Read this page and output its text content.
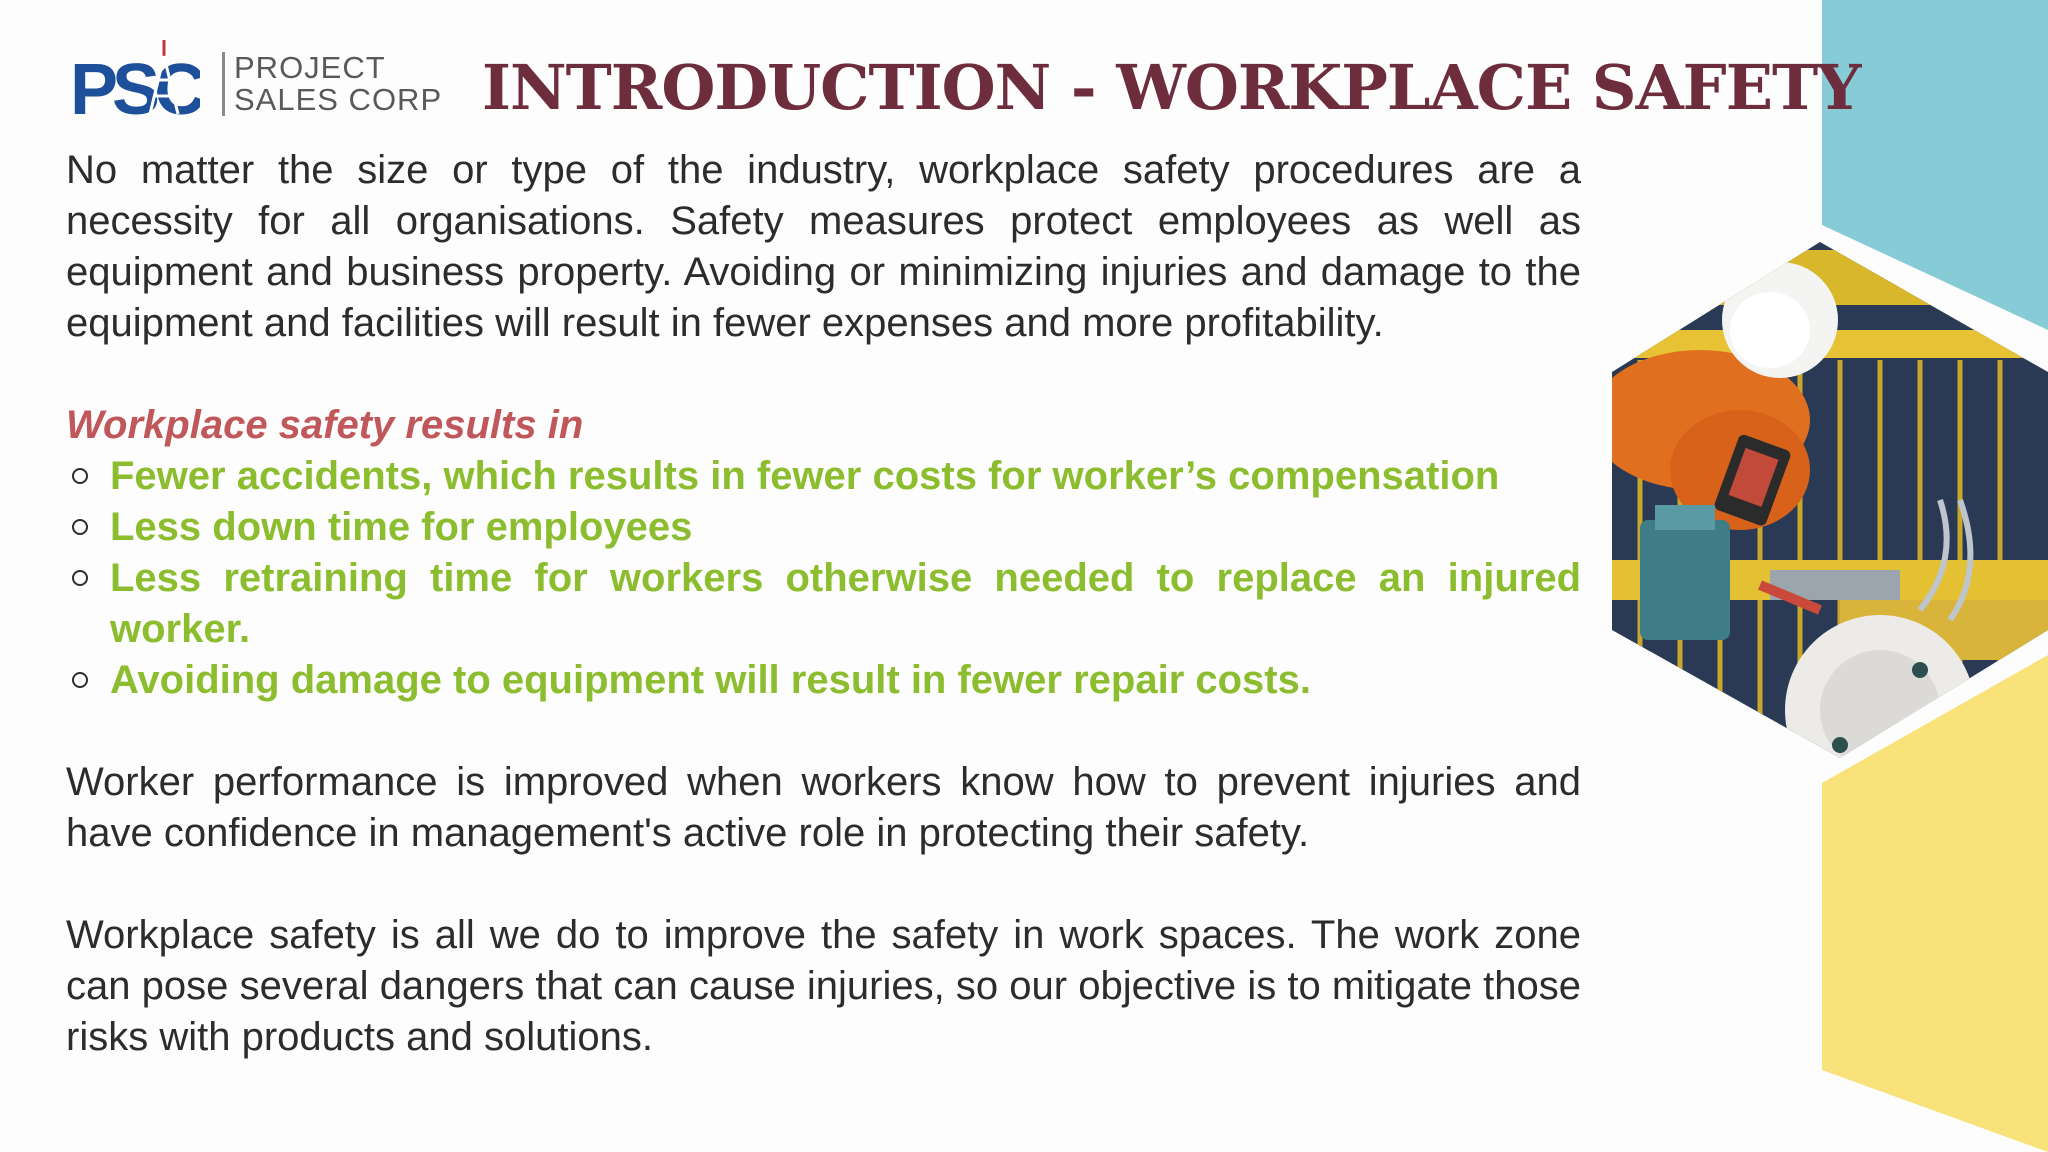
PSC PROJECT
SALES CORP INTRODUCTION - WORKPLACE SAFETY

No matter the size or type of the industry, workplace safety procedures are a necessity for all organisations. Safety measures protect employees as well as equipment and business property. Avoiding or minimizing injuries and damage to the equipment and facilities will result in fewer expenses and more profitability.

Workplace safety results in

Fewer accidents, which results in fewer costs for worker’s compensation
Less down time for employees
Less retraining time for workers otherwise needed to replace an injured worker.
Avoiding damage to equipment will result in fewer repair costs.

Worker performance is improved when workers know how to prevent injuries and have confidence in management's active role in protecting their safety.

Workplace safety is all we do to improve the safety in work spaces. The work zone can pose several dangers that can cause injuries, so our objective is to mitigate those risks with products and solutions.
